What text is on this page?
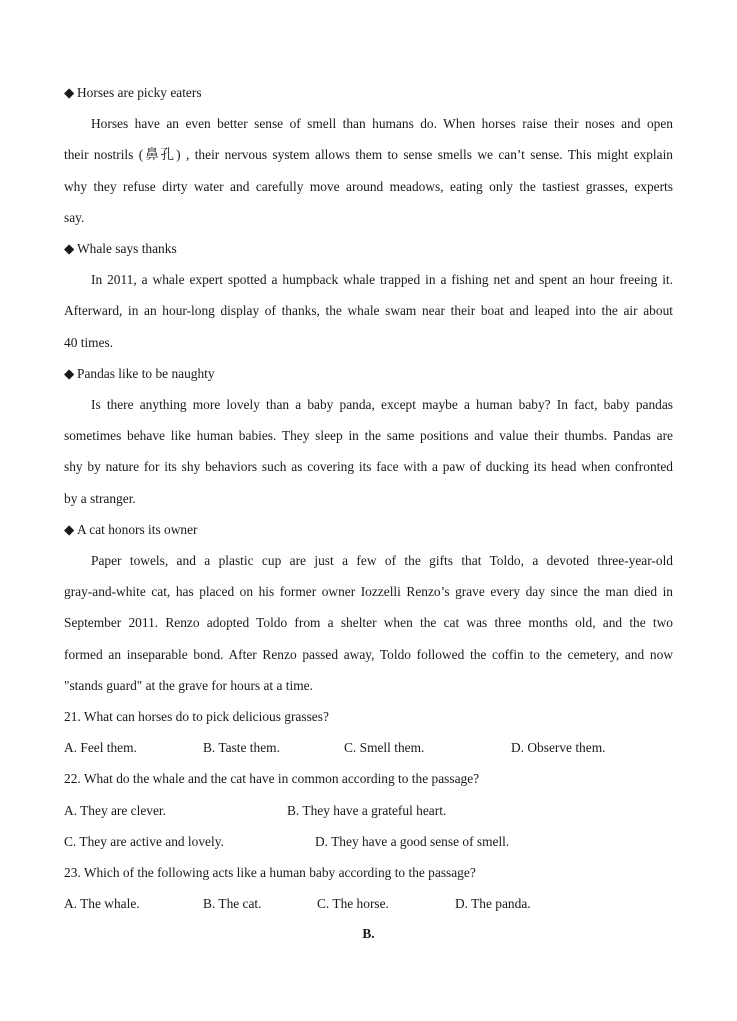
◆ Horses are picky eaters
Horses have an even better sense of smell than humans do. When horses raise their noses and open
their nostrils (鼻孔) , their nervous system allows them to sense smells we can’t sense. This might explain
why they refuse dirty water and carefully move around meadows, eating only the tastiest grasses, experts
say.
◆ Whale says thanks
In 2011, a whale expert spotted a humpback whale trapped in a fishing net and spent an hour freeing it.
Afterward, in an hour-long display of thanks, the whale swam near their boat and leaped into the air about
40 times.
◆ Pandas like to be naughty
Is there anything more lovely than a baby panda, except maybe a human baby? In fact, baby pandas
sometimes behave like human babies. They sleep in the same positions and value their thumbs. Pandas are
shy by nature for its shy behaviors such as covering its face with a paw of ducking its head when confronted
by a stranger.
◆ A cat honors its owner
Paper towels, and a plastic cup are just a few of the gifts that Toldo, a devoted three-year-old
gray-and-white cat, has placed on his former owner Iozzelli Renzo’s grave every day since the man died in
September 2011. Renzo adopted Toldo from a shelter when the cat was three months old, and the two
formed an inseparable bond. After Renzo passed away, Toldo followed the coffin to the cemetery, and now
"stands guard" at the grave for hours at a time.
21. What can horses do to pick delicious grasses?
A. Feel them.	B. Taste them.	C. Smell them.	D. Observe them.
22. What do the whale and the cat have in common according to the passage?
A. They are clever.	B. They have a grateful heart.
C. They are active and lovely.	D. They have a good sense of smell.
23. Which of the following acts like a human baby according to the passage?
A. The whale.	B. The cat.	C. The horse.	D. The panda.
B.
